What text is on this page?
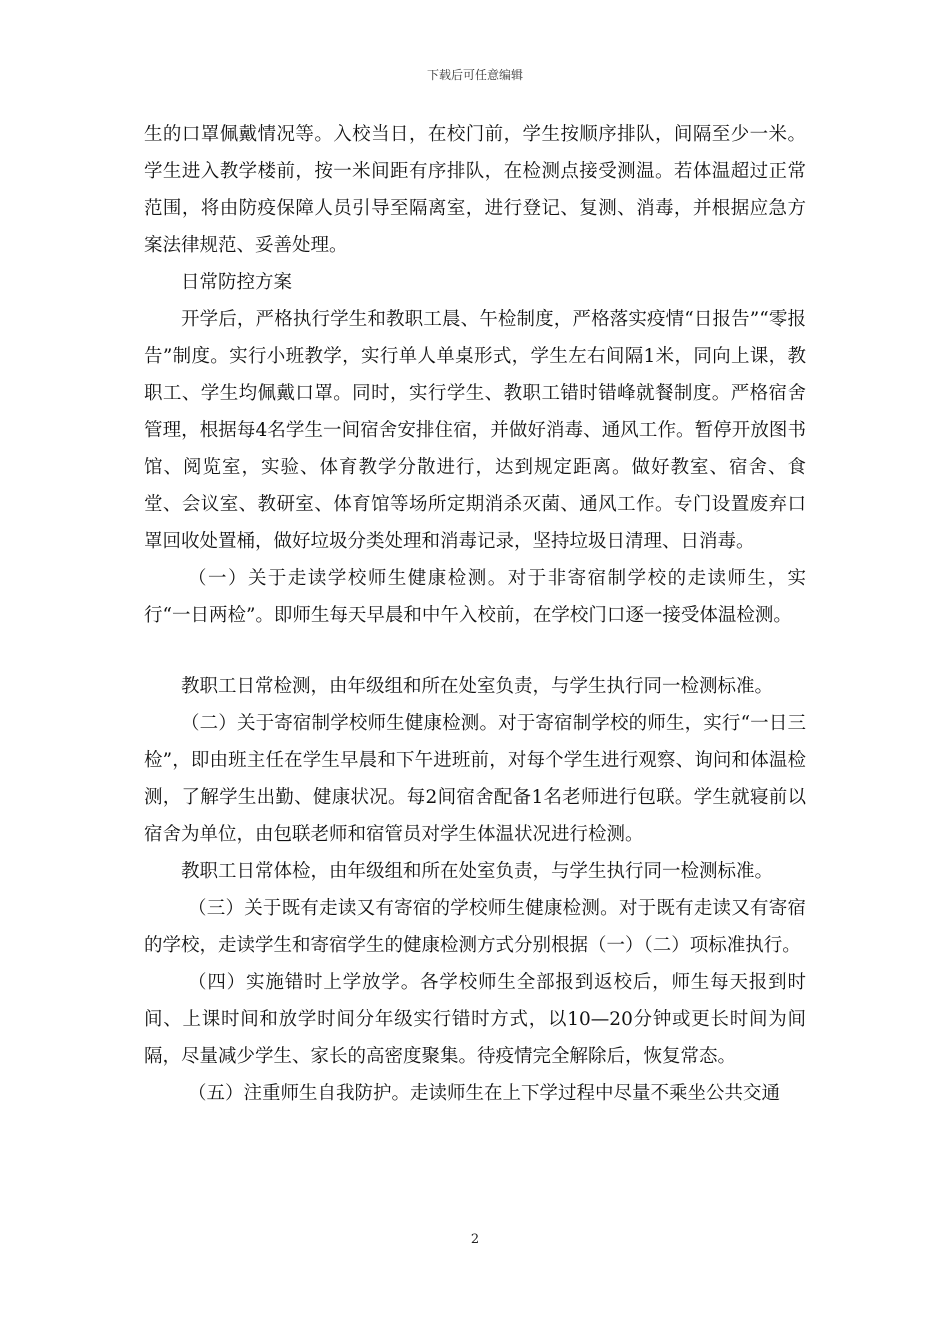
下载后可任意编辑

生的口罩佩戴情况等。入校当日，在校门前，学生按顺序排队，间隔至少一米。学生进入教学楼前，按一米间距有序排队，在检测点接受测温。若体温超过正常范围，将由防疫保障人员引导至隔离室，进行登记、复测、消毒，并根据应急方案法律规范、妥善处理。

日常防控方案

开学后，严格执行学生和教职工晨、午检制度，严格落实疫情“日报告”“零报告”制度。实行小班教学，实行单人单桌形式，学生左右间隔1米，同向上课，教职工、学生均佩戴口罩。同时，实行学生、教职工错时错峰就餐制度。严格宿舍管理，根据每4名学生一间宿舍安排住宿，并做好消毒、通风工作。暂停开放图书馆、阅览室，实验、体育教学分散进行，达到规定距离。做好教室、宿舍、食堂、会议室、教研室、体育馆等场所定期消杀灭菌、通风工作。专门设置废弃口罩回收处置桶，做好垃圾分类处理和消毒记录，坚持垃圾日清理、日消毒。

（一）关于走读学校师生健康检测。对于非寄宿制学校的走读师生，实行“一日两检”。即师生每天早晨和中午入校前，在学校门口逐一接受体温检测。

教职工日常检测，由年级组和所在处室负责，与学生执行同一检测标准。

（二）关于寄宿制学校师生健康检测。对于寄宿制学校的师生，实行“一日三检”，即由班主任在学生早晨和下午进班前，对每个学生进行观察、询问和体温检测，了解学生出勤、健康状况。每2间宿舍配备1名老师进行包联。学生就寝前以宿舍为单位，由包联老师和宿管员对学生体温状况进行检测。

教职工日常体检，由年级组和所在处室负责，与学生执行同一检测标准。

（三）关于既有走读又有寄宿的学校师生健康检测。对于既有走读又有寄宿的学校，走读学生和寄宿学生的健康检测方式分别根据（一）（二）项标准执行。

（四）实施错时上学放学。各学校师生全部报到返校后，师生每天报到时间、上课时间和放学时间分年级实行错时方式，以10—20分钟或更长时间为间隔，尽量减少学生、家长的高密度聚集。待疫情完全解除后，恢复常态。

（五）注重师生自我防护。走读师生在上下学过程中尽量不乘坐公共交通

2
